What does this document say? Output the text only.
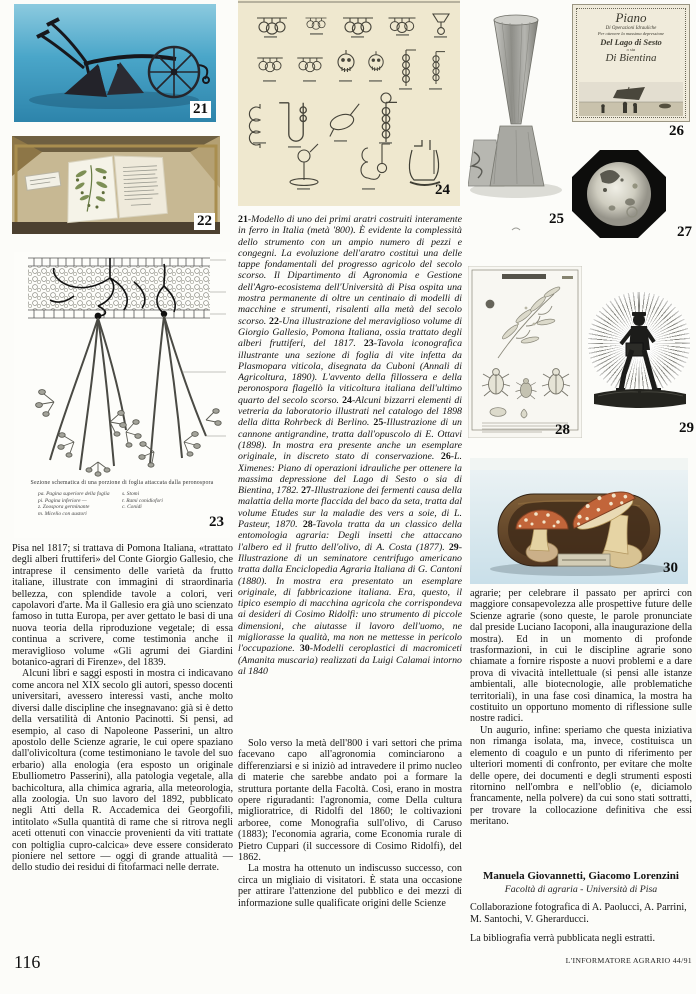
21
22
Sezione schematica di una porzione di foglia attaccata dalla peronospora
pa. Pagina superiore della foglia
pi. Pagina inferiore —
z. Zoospora germinante
m. Micelio con austori
s. Stomi
r. Rami conidiofori
c. Conidi
23

Pisa nel 1817; si trattava di Pomona Italiana, «trattato degli alberi fruttiferi» del Conte Giorgio Gallesio, che intraprese il censimento delle varietà da frutto italiane, illustrate con immagini di straordinaria bellezza, con splendide tavole a colori, veri capolavori d'arte. Ma il Gallesio era già uno scienzato famoso in tutta Europa, per aver gettato le basi di una nuova teoria della riproduzione vegetale; di essa continua a scrivere, come testimonia anche il meraviglioso volume «Gli agrumi dei Giardini botanico-agrari di Firenze», del 1839.

Alcuni libri e saggi esposti in mostra ci indicavano come ancora nel XIX secolo gli autori, spesso docenti universitari, avessero interessi vasti, anche molto diversi dalle discipline che insegnavano: già si è detto della versatilità di Antonio Pacinotti. Si pensi, ad esempio, al caso di Napoleone Passerini, un altro apostolo delle Scienze agrarie, le cui opere spaziano dall'olivicoltura (come testimoniano le tavole del suo erbario) alla enologia (era esposto un originale Ebulliometro Passerini), alla patologia vegetale, alla bachicoltura, alla chimica agraria, alla meteorologia, alla zoologia. Un suo lavoro del 1892, pubblicato negli Atti della R. Accademica dei Georgofili, intitolato «Sulla quantità di rame che si ritrova negli aceti ottenuti con vinaccie provenienti da viti trattate con poltiglia cupro-calcica» deve essere considerato pioniere nel settore — oggi di grande attualità — dello studio dei residui di fitofarmaci nelle derrate.

116
24
21-Modello di uno dei primi aratri costruiti interamente in ferro in Italia (metà '800). È evidente la complessità dello strumento con un ampio numero di pezzi e congegni. La evoluzione dell'aratro costituì una delle tappe fondamentali del progresso agricolo del secolo scorso. Il Dipartimento di Agronomia e Gestione dell'Agro-ecosistema dell'Università di Pisa ospita una mostra permanente di oltre un centinaio di modelli di macchine e strumenti, risalenti alla metà del secolo scorso. 22-Una illustrazione del meraviglioso volume di Giorgio Gallesio, Pomona Italiana, ossia trattato degli alberi fruttiferi, del 1817. 23-Tavola iconografica illustrante una sezione di foglia di vite infetta da Plasmopara viticola, disegnata da Cuboni (Annali di Agricoltura, 1890). L'avvento della fillossera e della peronospora flagellò la viticoltura italiana dell'ultimo quarto del secolo scorso. 24-Alcuni bizzarri elementi di vetreria da laboratorio illustrati nel catalogo del 1898 della ditta Rohrbeck di Berlino. 25-Illustrazione di un cannone antigrandine, tratta dall'opuscolo di E. Ottavi (1898). In mostra era presente anche un esemplare originale, in discreto stato di conservazione. 26-L. Ximenes: Piano di operazioni idrauliche per ottenere la massima depressione del Lago di Sesto o sia di Bientina, 1782. 27-Illustrazione dei fermenti causa della malattia della morte flaccida del baco da seta, tratta dal volume Etudes sur la maladie des vers a soie, di L. Pasteur, 1870. 28-Tavola tratta da un classico della entomologia agraria: Degli insetti che attaccano l'albero ed il frutto dell'olivo, di A. Costa (1877). 29-Illustrazione di un seminatore centrifugo americano tratta dalla Enciclopedia Agraria Italiana di G. Cantoni (1880). In mostra era presentato un esemplare originale, di fabbricazione italiana. Era, questo, il tipico esempio di macchina agricola che corrispondeva ai desideri di Cosimo Ridolfi: uno strumento di piccole dimensioni, che aiutasse il lavoro dell'uomo, ne migliorasse la qualità, ma non ne mettesse in pericolo l'occupazione. 30-Modelli ceroplastici di macromiceti (Amanita muscaria) realizzati da Luigi Calamai intorno al 1840

Solo verso la metà dell'800 i vari settori che prima facevano capo all'agronomia cominciarono a differenziarsi e si iniziò ad intravedere il primo nucleo di materie che sarebbe andato poi a formare la struttura portante della Facoltà. Così, erano in mostra opere riguradanti: l'agronomia, come Della cultura miglioratrice, di Ridolfi del 1860; le coltivazioni arboree, come Monografia sull'olivo, di Caruso (1883); l'economia agraria, come Economia rurale di Pietro Cuppari (il successore di Cosimo Ridolfi), del 1862.

La mostra ha ottenuto un indiscusso successo, con circa un migliaio di visitatori. È stata una occasione per attirare l'attenzione del pubblico e dei mezzi di informazione sulle qualificate origini delle Scienze

25
Piano
Di Operazioni Idrauliche
Per ottenere la massima depressione
Del Lago di Sesto
o sia
Di Bientina
26
27
28	29
30

agrarie; per celebrare il passato per aprirci con maggiore consapevolezza alle prospettive future delle Scienze agrarie (sono queste, le parole pronunciate dal preside Luciano Iacoponi, alla inaugurazione della mostra). Ed in un momento di profonde trasformazioni, in cui le discipline agrarie sono chiamate a fornire risposte a nuovi problemi e a dare prova di vivacità intellettuale (si pensi alle istanze ambientali, alle biotecnologie, alle problematiche territoriali), in una fase così dinamica, la mostra ha costituito un opportuno momento di riflessione sulle nostre radici.

Un augurio, infine: speriamo che questa iniziativa non rimanga isolata, ma, invece, costituisca un elemento di coagulo e un punto di riferimento per ulteriori momenti di confronto, per evitare che molte delle opere, dei documenti e degli strumenti esposti ritornino nell'ombra e nell'oblio (e, diciamolo francamente, nella polvere) da cui sono stati sottratti, per trovare la collocazione definitiva che essi meritano.

Manuela Giovannetti, Giacomo Lorenzini
Facoltà di agraria - Università di Pisa

Collaborazione fotografica di A. Paolucci, A. Parrini, M. Santochi, V. Gherarducci.

La bibliografia verrà pubblicata negli estratti.

L'INFORMATORE AGRARIO 44/91
